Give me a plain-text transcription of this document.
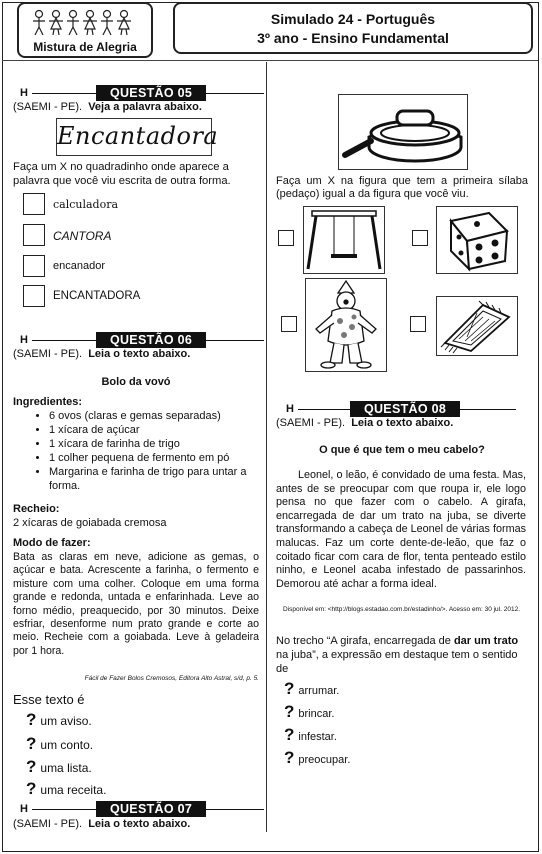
Mistura de Alegria
Simulado 24 - Português
3º ano - Ensino Fundamental
H	QUESTÃO 05
(SAEMI - PE). Veja a palavra abaixo.
Encantadora
Faça um X no quadradinho onde aparece a palavra que você viu escrita de outra forma.
calculadora
CANTORA
encanador
ENCANTADORA
H	QUESTÃO 06
(SAEMI - PE). Leia o texto abaixo.
Bolo da vovó
Ingredientes:
• 6 ovos (claras e gemas separadas)
• 1 xícara de açúcar
• 1 xícara de farinha de trigo
• 1 colher pequena de fermento em pó
• Margarina e farinha de trigo para untar a forma.
Recheio:
2 xícaras de goiabada cremosa
Modo de fazer:
Bata as claras em neve, adicione as gemas, o açúcar e bata. Acrescente a farinha, o fermento e misture com uma colher. Coloque em uma forma grande e redonda, untada e enfarinhada. Leve ao forno médio, preaquecido, por 30 minutos. Deixe esfriar, desenforme num prato grande e corte ao meio. Recheie com a goiabada. Leve à geladeira por 1 hora.
Fácil de Fazer Bolos Cremosos, Editora Alto Astral, s/d, p. 5.
Esse texto é
? um aviso.
? um conto.
? uma lista.
? uma receita.
H	QUESTÃO 07
(SAEMI - PE). Leia o texto abaixo.
Faça um X na figura que tem a primeira sílaba (pedaço) igual a da figura que você viu.
H	QUESTÃO 08
(SAEMI - PE). Leia o texto abaixo.
O que é que tem o meu cabelo?
Leonel, o leão, é convidado de uma festa. Mas, antes de se preocupar com que roupa ir, ele logo pensa no que fazer com o cabelo. A girafa, encarregada de dar um trato na juba, se diverte transformando a cabeça de Leonel de várias formas malucas. Faz um corte dente-de-leão, que faz o coitado ficar com cara de flor, tenta penteado estilo ninho, e Leonel acaba infestado de passarinhos. Demorou até achar a forma ideal.
Disponível em: <http://blogs.estadao.com.br/estadinho/>. Acesso em: 30 jul. 2012.
No trecho “A girafa, encarregada de dar um trato na juba”, a expressão em destaque tem o sentido de
? arrumar.
? brincar.
? infestar.
? preocupar.
